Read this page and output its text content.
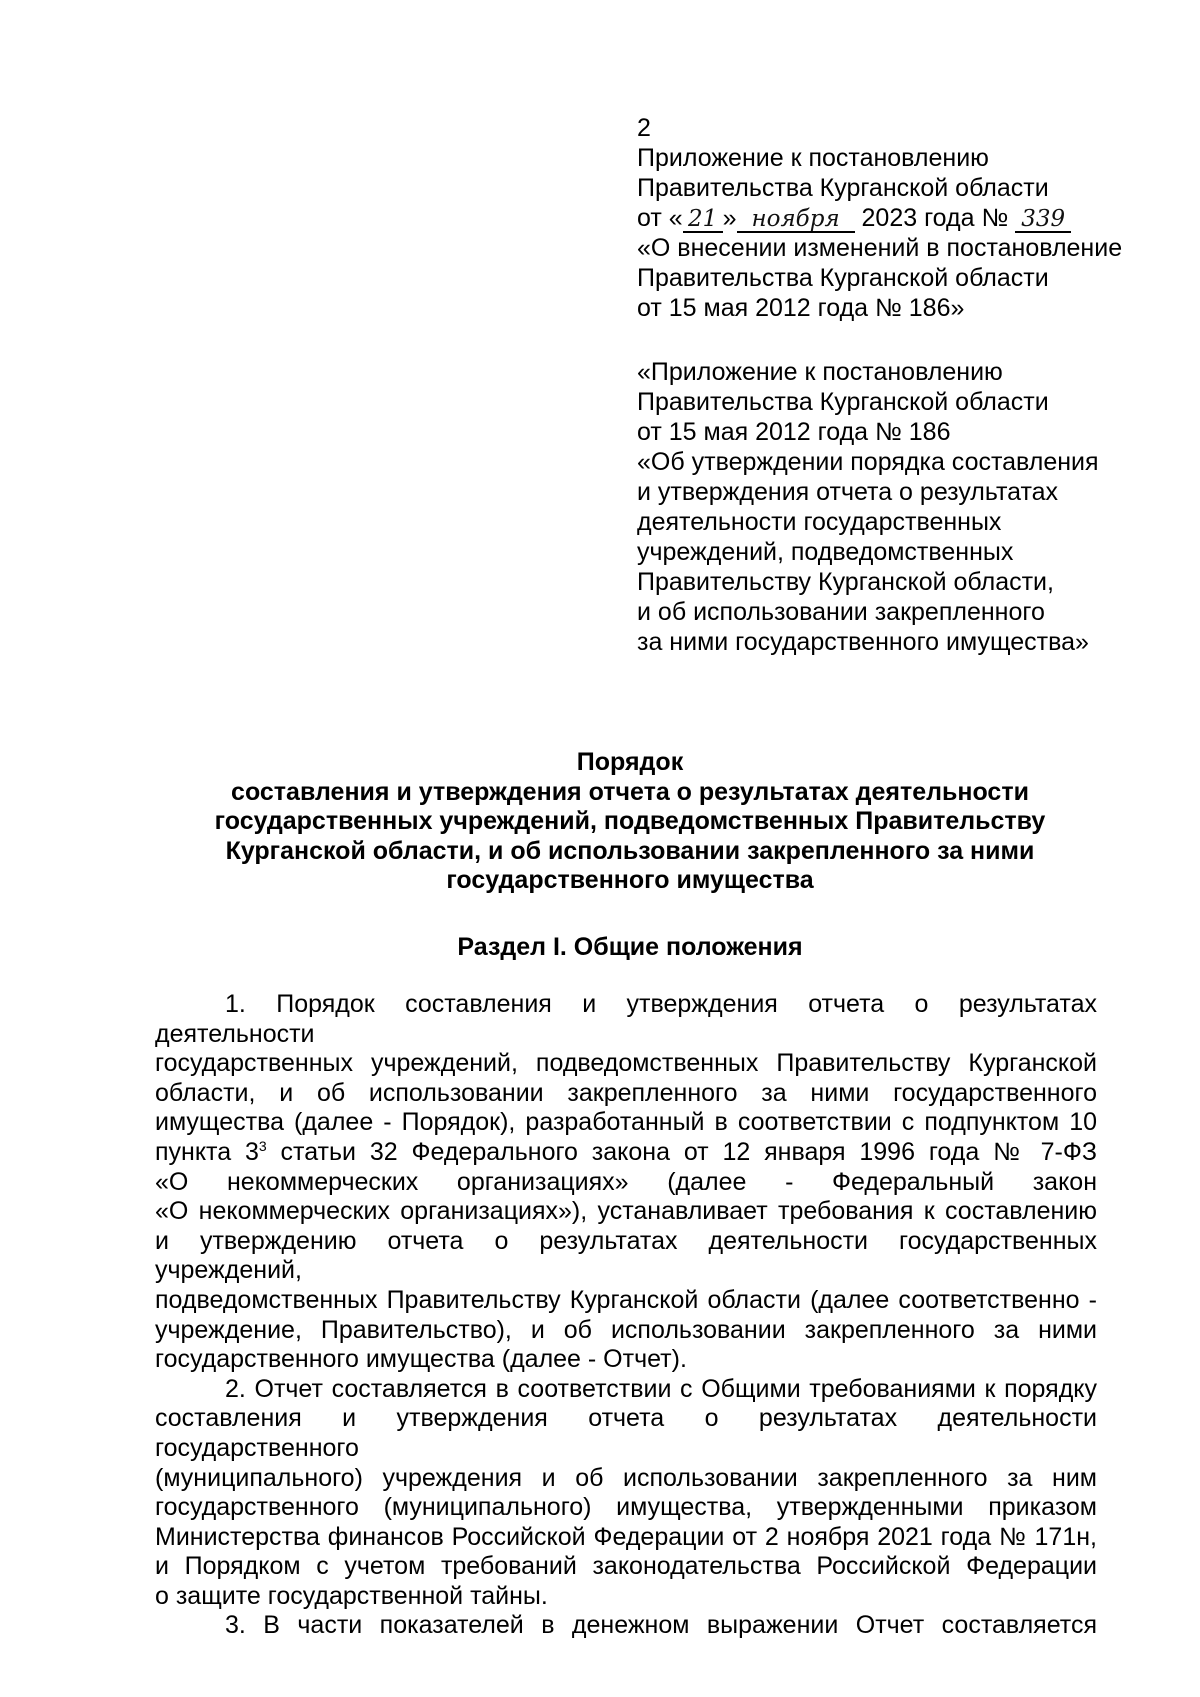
2
Приложение к постановлению
Правительства Курганской области
от « 21 » ноября 2023 года № 339
«О внесении изменений в постановление
Правительства Курганской области
от 15 мая 2012 года № 186»
«Приложение к постановлению
Правительства Курганской области
от 15 мая 2012 года № 186
«Об утверждении порядка составления
и утверждения отчета о результатах
деятельности государственных
учреждений, подведомственных
Правительству Курганской области,
и об использовании закрепленного
за ними государственного имущества»
Порядок
составления и утверждения отчета о результатах деятельности
государственных учреждений, подведомственных Правительству
Курганской области, и об использовании закрепленного за ними
государственного имущества
Раздел I. Общие положения
1. Порядок составления и утверждения отчета о результатах деятельности
государственных учреждений, подведомственных Правительству Курганской
области, и об использовании закрепленного за ними государственного
имущества (далее - Порядок), разработанный в соответствии с подпунктом 10
пункта $3^3$ статьи 32 Федерального закона от 12 января 1996 года № 7-ФЗ
«О некоммерческих организациях» (далее - Федеральный закон
«О некоммерческих организациях»), устанавливает требования к составлению
и утверждению отчета о результатах деятельности государственных учреждений,
подведомственных Правительству Курганской области (далее соответственно -
учреждение, Правительство), и об использовании закрепленного за ними
государственного имущества (далее - Отчет).
2. Отчет составляется в соответствии с Общими требованиями к порядку
составления и утверждения отчета о результатах деятельности государственного
(муниципального) учреждения и об использовании закрепленного за ним
государственного (муниципального) имущества, утвержденными приказом
Министерства финансов Российской Федерации от 2 ноября 2021 года № 171н,
и Порядком с учетом требований законодательства Российской Федерации
о защите государственной тайны.
3. В части показателей в денежном выражении Отчет составляется
